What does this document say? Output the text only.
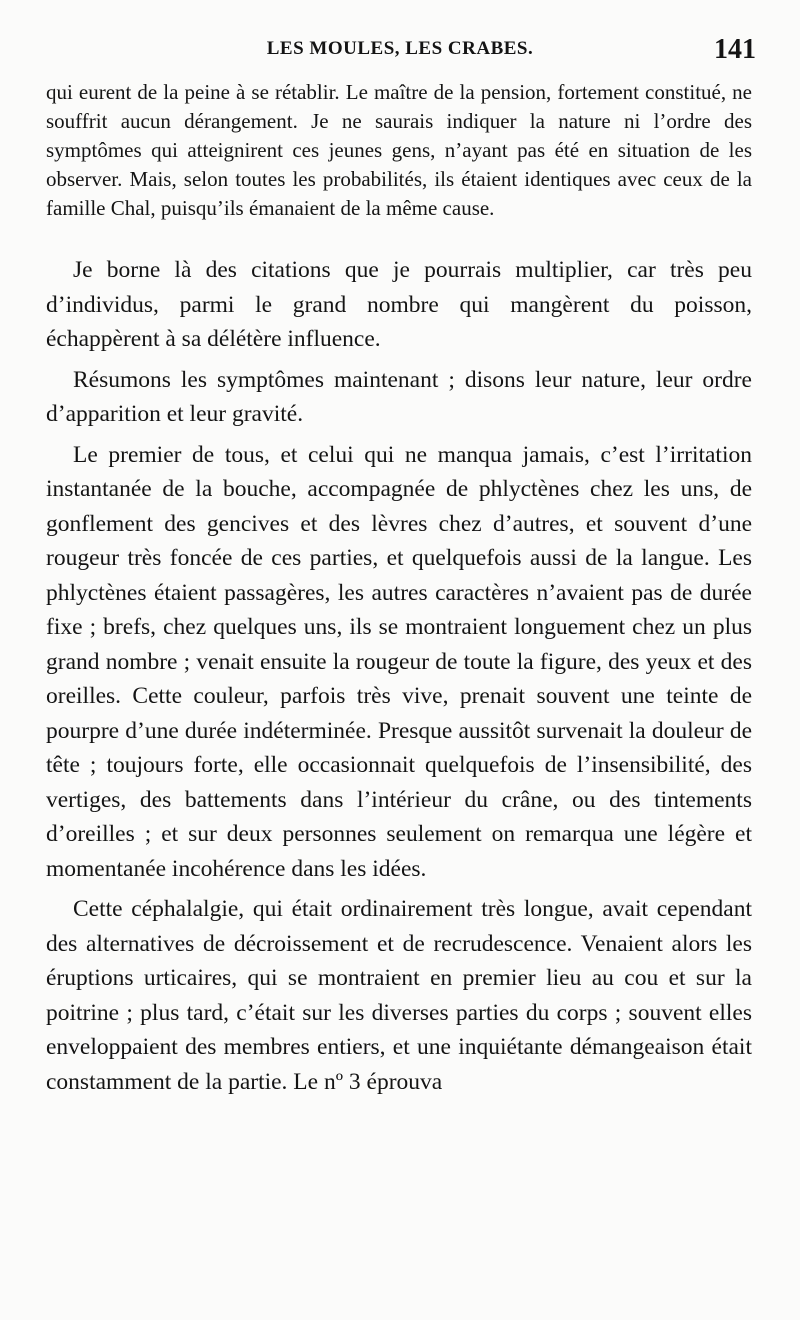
LES MOULES, LES CRABES.	141

qui eurent de la peine à se rétablir. Le maître de la pension, fortement constitué, ne souffrit aucun dérangement. Je ne saurais indiquer la nature ni l’ordre des symptômes qui atteignirent ces jeunes gens, n’ayant pas été en situation de les observer. Mais, selon toutes les probabilités, ils étaient identiques avec ceux de la famille Chal, puisqu’ils émanaient de la même cause.

Je borne là des citations que je pourrais multiplier, car très peu d’individus, parmi le grand nombre qui mangèrent du poisson, échappèrent à sa délétère influence.

Résumons les symptômes maintenant ; disons leur nature, leur ordre d’apparition et leur gravité.

Le premier de tous, et celui qui ne manqua jamais, c’est l’irritation instantanée de la bouche, accompagnée de phlyctènes chez les uns, de gonflement des gencives et des lèvres chez d’autres, et souvent d’une rougeur très foncée de ces parties, et quelquefois aussi de la langue. Les phlyctènes étaient passagères, les autres caractères n’avaient pas de durée fixe ; brefs, chez quelques uns, ils se montraient longuement chez un plus grand nombre ; venait ensuite la rougeur de toute la figure, des yeux et des oreilles. Cette couleur, parfois très vive, prenait souvent une teinte de pourpre d’une durée indéterminée. Presque aussitôt survenait la douleur de tête ; toujours forte, elle occasionnait quelquefois de l’insensibilité, des vertiges, des battements dans l’intérieur du crâne, ou des tintements d’oreilles ; et sur deux personnes seulement on remarqua une légère et momentanée incohérence dans les idées.

Cette céphalalgie, qui était ordinairement très longue, avait cependant des alternatives de décroissement et de recrudescence. Venaient alors les éruptions urticaires, qui se montraient en premier lieu au cou et sur la poitrine ; plus tard, c’était sur les diverses parties du corps ; souvent elles enveloppaient des membres entiers, et une inquiétante démangeaison était constamment de la partie. Le nº 3 éprouva
